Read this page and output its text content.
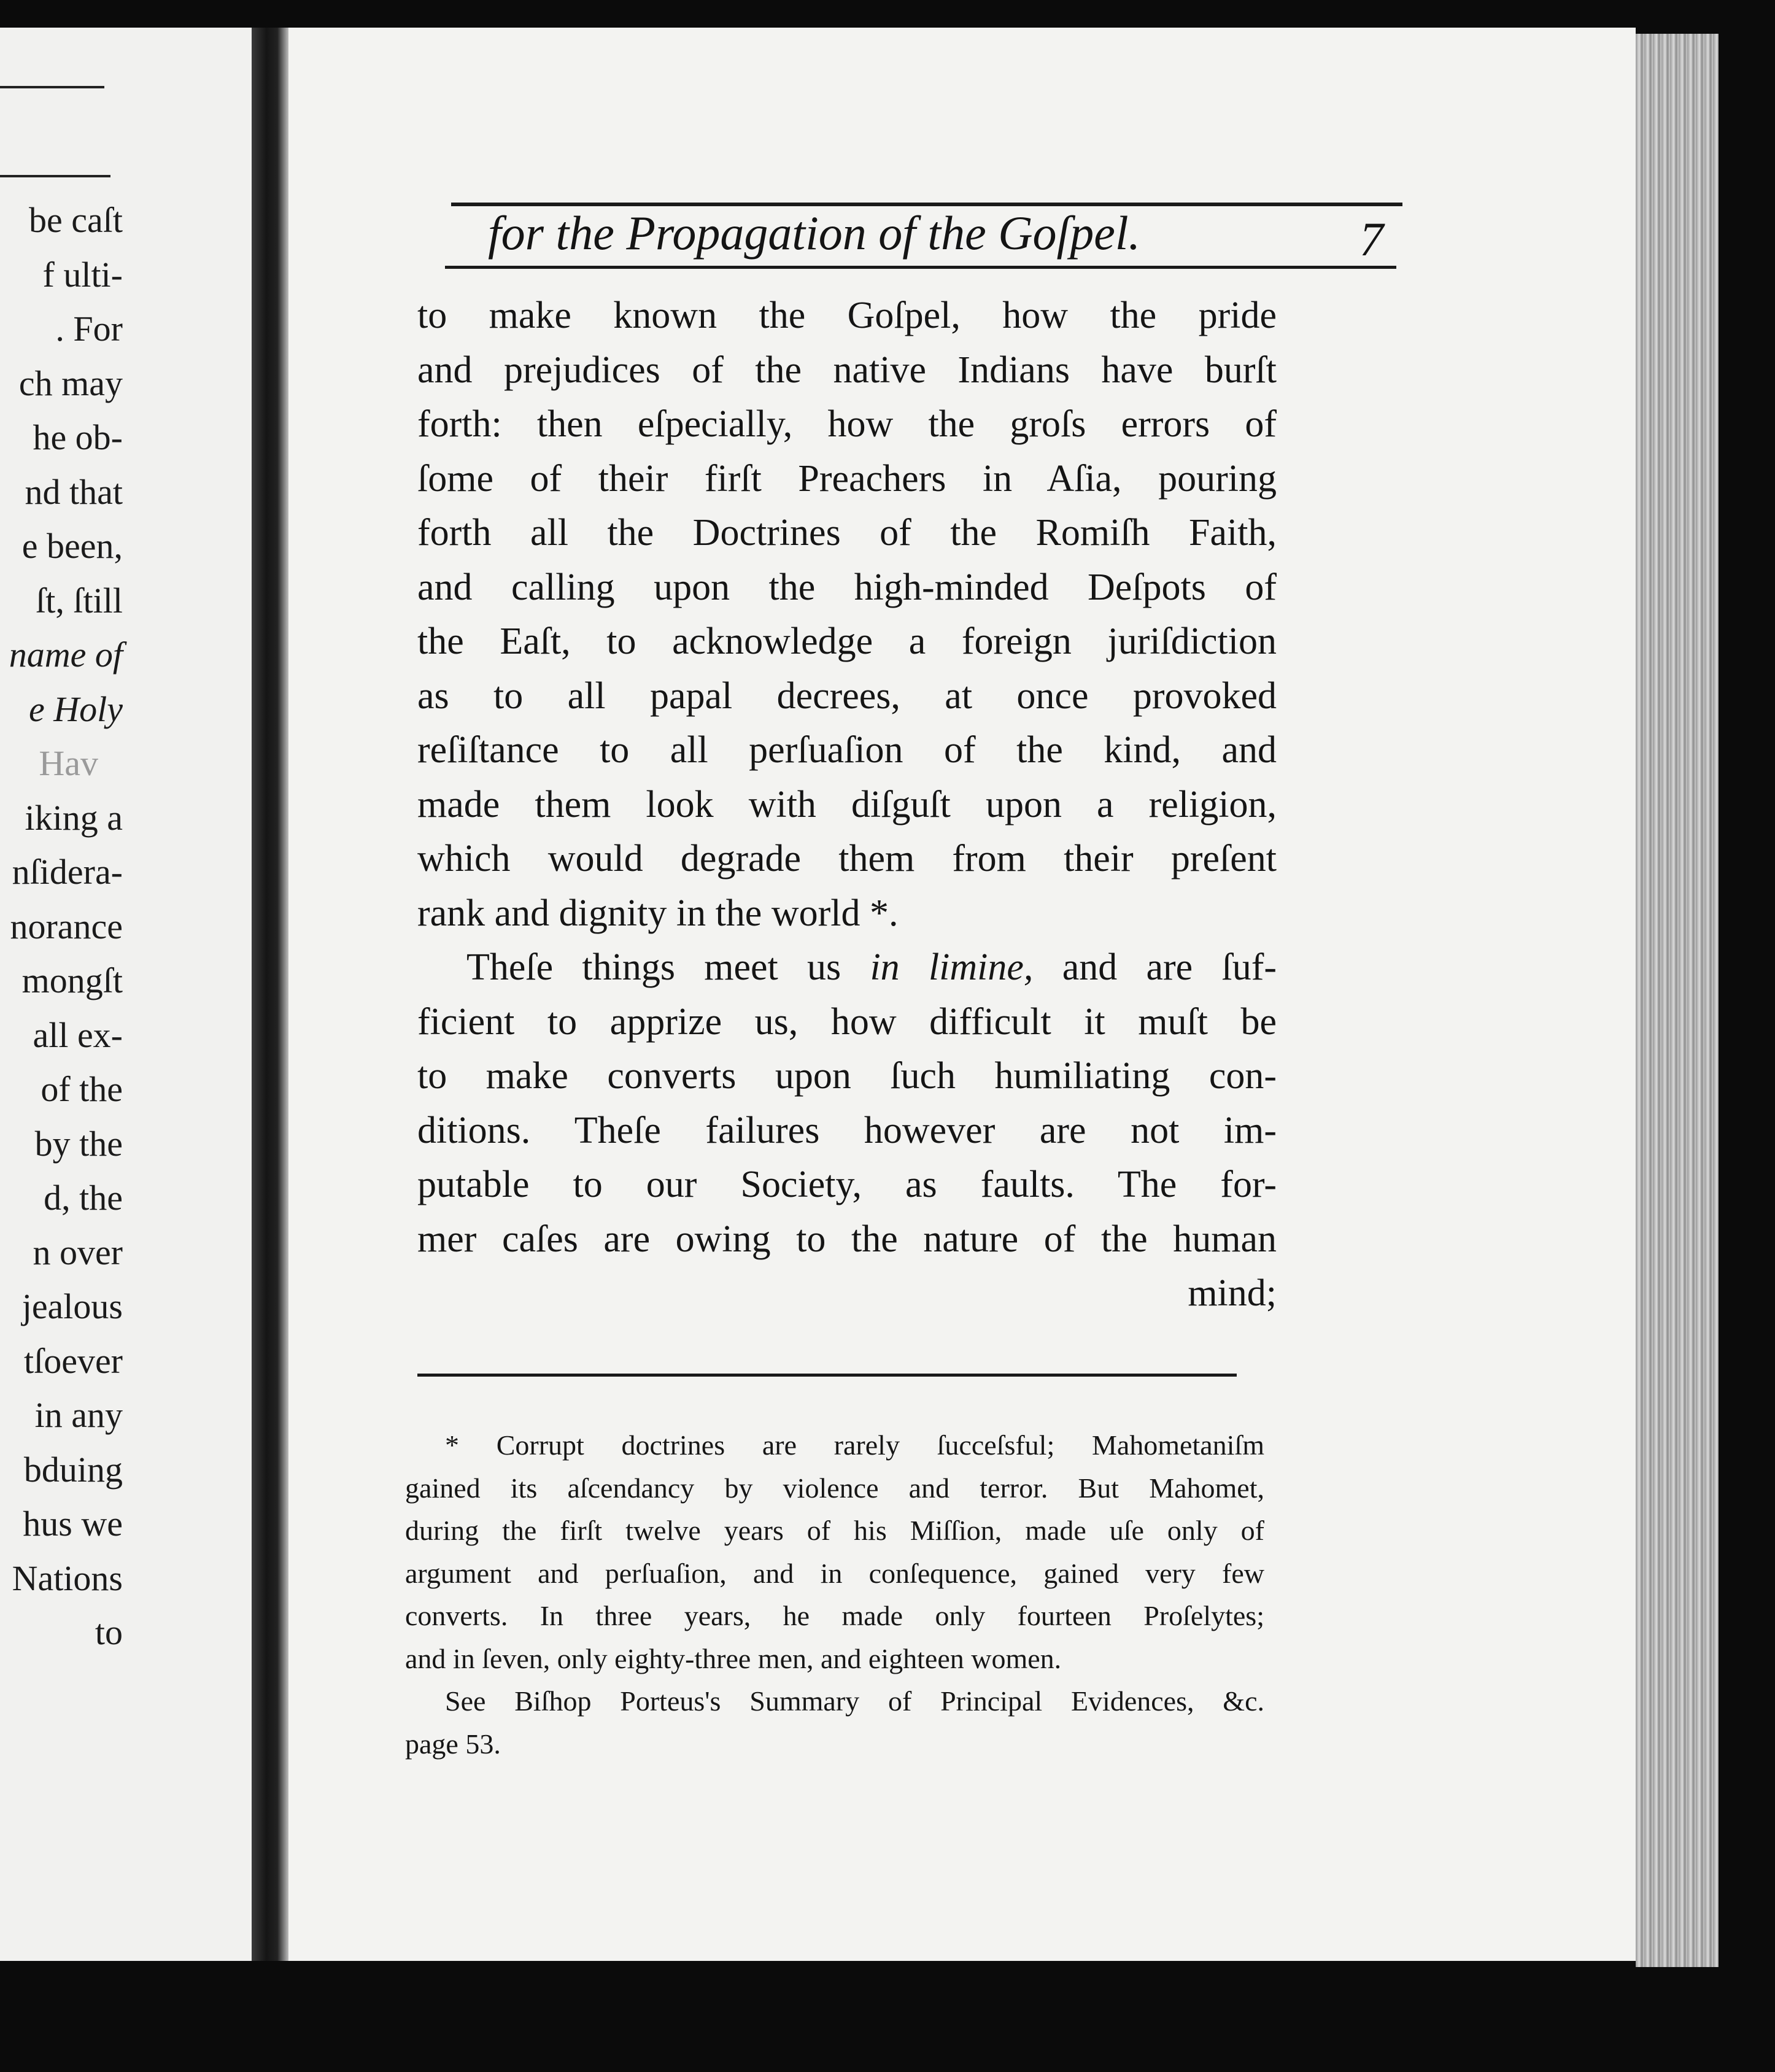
be caſt
f ulti-
. For
ch may
he ob-
nd that
e been,
ſt, ſtill
name of
e Holy
Hav
iking a
nſidera-
norance
mongſt
all ex-
of the
by the
d, the
n over
jealous
tſoever
in any
bduing
hus we
Nations
to
for the Propagation of the Goſpel.	7
to make known the Goſpel, how the pride
and prejudices of the native Indians have burſt
forth: then eſpecially, how the groſs errors of
ſome of their firſt Preachers in Aſia, pouring
forth all the Doctrines of the Romiſh Faith,
and calling upon the high-minded Deſpots of
the Eaſt, to acknowledge a foreign juriſdiction
as to all papal decrees, at once provoked
reſiſtance to all perſuaſion of the kind, and
made them look with diſguſt upon a religion,
which would degrade them from their preſent
rank and dignity in the world *.
Theſe things meet us in limine, and are ſuf-
ficient to apprize us, how difficult it muſt be
to make converts upon ſuch humiliating con-
ditions. Theſe failures however are not im-
putable to our Society, as faults. The for-
mer caſes are owing to the nature of the human
mind;
* Corrupt doctrines are rarely ſucceſsful; Mahometaniſm
gained its aſcendancy by violence and terror. But Mahomet,
during the firſt twelve years of his Miſſion, made uſe only of
argument and perſuaſion, and in conſequence, gained very few
converts. In three years, he made only fourteen Proſelytes;
and in ſeven, only eighty-three men, and eighteen women.
See Biſhop Porteus's Summary of Principal Evidences, &c.
page 53.
